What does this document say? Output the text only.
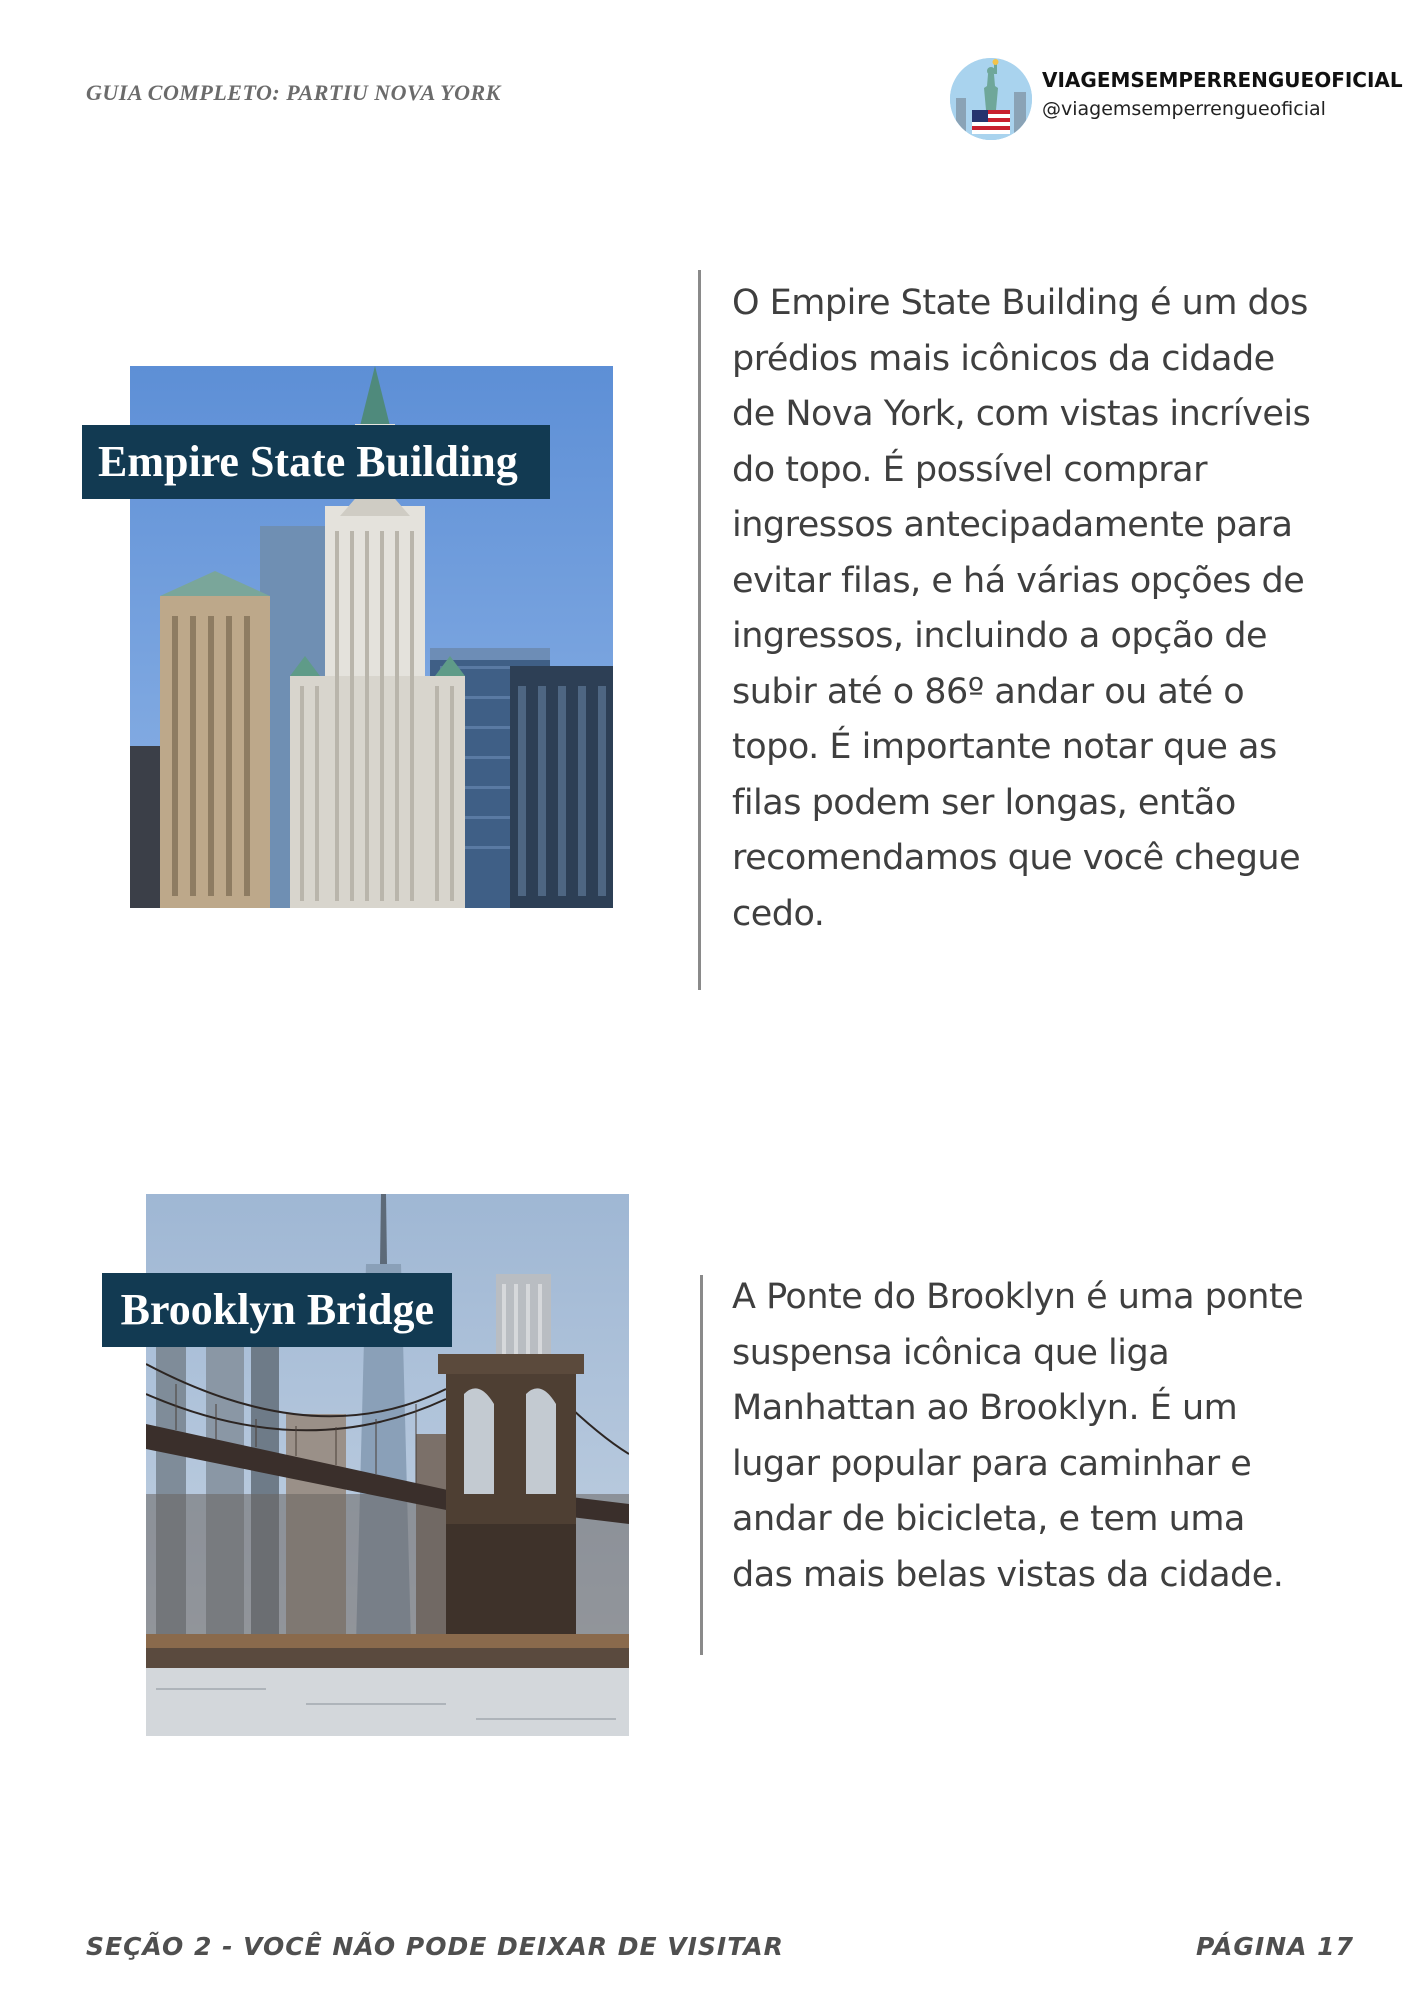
GUIA COMPLETO: PARTIU NOVA YORK	VIAGEMSEMPERRENGUEOFICIAL
@viagemsemperrengueoficial
Empire State Building
O Empire State Building é um dos prédios mais icônicos da cidade de Nova York, com vistas incríveis do topo. É possível comprar ingressos antecipadamente para evitar filas, e há várias opções de ingressos, incluindo a opção de subir até o 86º andar ou até o topo. É importante notar que as filas podem ser longas, então recomendamos que você chegue cedo.
Brooklyn Bridge	A Ponte do Brooklyn é uma ponte suspensa icônica que liga Manhattan ao Brooklyn. É um lugar popular para caminhar e andar de bicicleta, e tem uma das mais belas vistas da cidade.
SEÇÃO 2 - VOCÊ NÃO PODE DEIXAR DE VISITAR	PÁGINA 17
